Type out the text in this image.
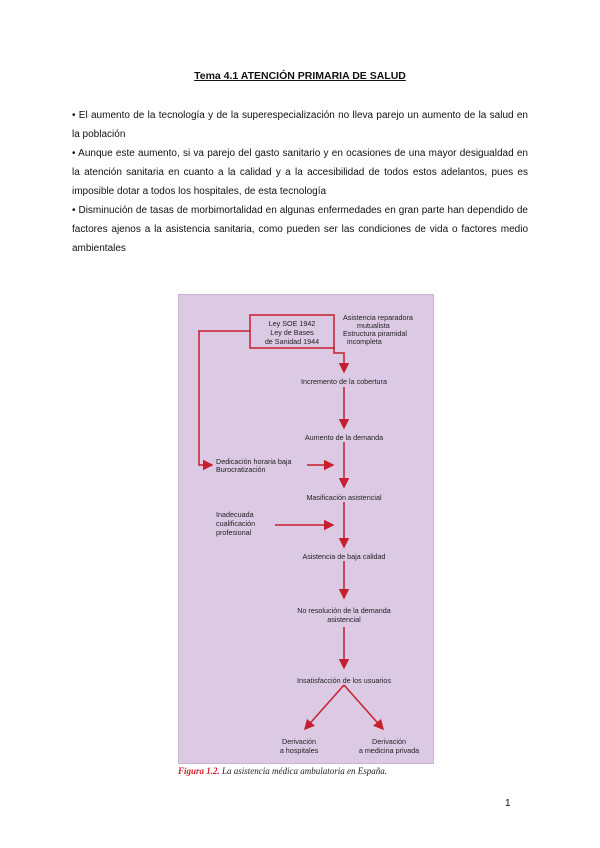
Tema 4.1 ATENCIÓN PRIMARIA DE SALUD

• El aumento de la tecnología y de la superespecialización no lleva parejo un aumento de la salud en la población

• Aunque este aumento, si va parejo del gasto sanitario y en ocasiones de una mayor desigualdad en la atención sanitaria en cuanto a la calidad y a la accesibilidad de todos estos adelantos, pues es imposible dotar a todos los hospitales, de esta tecnología

• Disminución de tasas de morbimortalidad en algunas enfermedades en gran parte han dependido de factores ajenos a la asistencia sanitaria, como pueden ser las condiciones de vida o factores medio ambientales

Ley SOE 1942
Ley de Bases
de Sanidad 1944
Asistencia reparadora
mutualista
Estructura piramidal
incompleta
Incremento de la cobertura
Aumento de la demanda
Masificación asistencial
Asistencia de baja calidad
No resolución de la demanda
asistencial
Insatisfacción de los usuarios
Dedicación horaria baja
Burocratización
Inadecuada
cualificación
profesional
Derivación
a hospitales
Derivación
a medicina privada
Figura 1.2. La asistencia médica ambulatoria en España.
1
